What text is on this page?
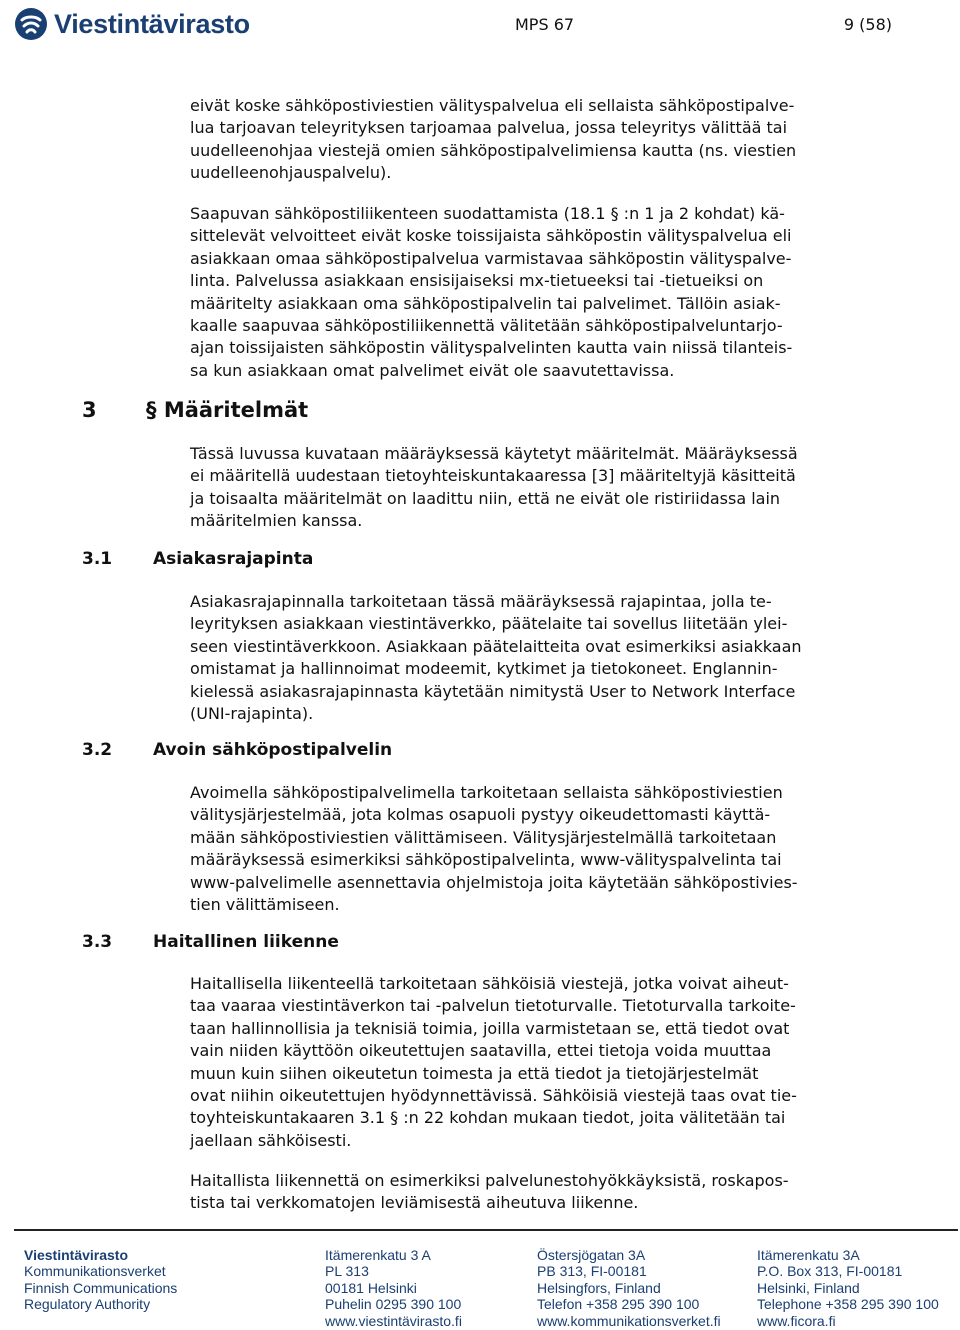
Viestintävirasto	MPS 67	9 (58)

eivät koske sähköpostiviestien välityspalvelua eli sellaista sähköpostipalve-
lua tarjoavan teleyrityksen tarjoamaa palvelua, jossa teleyritys välittää tai
uudelleenohjaa viestejä omien sähköpostipalvelimiensa kautta (ns. viestien
uudelleenohjauspalvelu).

Saapuvan sähköpostiliikenteen suodattamista (18.1 § :n 1 ja 2 kohdat) kä-
sittelevät velvoitteet eivät koske toissijaista sähköpostin välityspalvelua eli
asiakkaan omaa sähköpostipalvelua varmistavaa sähköpostin välityspalve-
linta. Palvelussa asiakkaan ensisijaiseksi mx-tietueeksi tai -tietueiksi on
määritelty asiakkaan oma sähköpostipalvelin tai palvelimet. Tällöin asiak-
kaalle saapuvaa sähköpostiliikennettä välitetään sähköpostipalveluntarjo-
ajan toissijaisten sähköpostin välityspalvelinten kautta vain niissä tilanteis-
sa kun asiakkaan omat palvelimet eivät ole saavutettavissa.

3 § Määritelmät

Tässä luvussa kuvataan määräyksessä käytetyt määritelmät. Määräyksessä
ei määritellä uudestaan tietoyhteiskuntakaaressa [3] määriteltyjä käsitteitä
ja toisaalta määritelmät on laadittu niin, että ne eivät ole ristiriidassa lain
määritelmien kanssa.

3.1 Asiakasrajapinta

Asiakasrajapinnalla tarkoitetaan tässä määräyksessä rajapintaa, jolla te-
leyrityksen asiakkaan viestintäverkko, päätelaite tai sovellus liitetään ylei-
seen viestintäverkkoon. Asiakkaan päätelaitteita ovat esimerkiksi asiakkaan
omistamat ja hallinnoimat modeemit, kytkimet ja tietokoneet. Englannin-
kielessä asiakasrajapinnasta käytetään nimitystä User to Network Interface
(UNI-rajapinta).

3.2 Avoin sähköpostipalvelin

Avoimella sähköpostipalvelimella tarkoitetaan sellaista sähköpostiviestien
välitysjärjestelmää, jota kolmas osapuoli pystyy oikeudettomasti käyttä-
mään sähköpostiviestien välittämiseen. Välitysjärjestelmällä tarkoitetaan
määräyksessä esimerkiksi sähköpostipalvelinta, www-välityspalvelinta tai
www-palvelimelle asennettavia ohjelmistoja joita käytetään sähköpostivies-
tien välittämiseen.

3.3 Haitallinen liikenne

Haitallisella liikenteellä tarkoitetaan sähköisiä viestejä, jotka voivat aiheut-
taa vaaraa viestintäverkon tai -palvelun tietoturvalle. Tietoturvalla tarkoite-
taan hallinnollisia ja teknisiä toimia, joilla varmistetaan se, että tiedot ovat
vain niiden käyttöön oikeutettujen saatavilla, ettei tietoja voida muuttaa
muun kuin siihen oikeutetun toimesta ja että tiedot ja tietojärjestelmät
ovat niihin oikeutettujen hyödynnettävissä. Sähköisiä viestejä taas ovat tie-
toyhteiskuntakaaren 3.1 § :n 22 kohdan mukaan tiedot, joita välitetään tai
jaellaan sähköisesti.

Haitallista liikennettä on esimerkiksi palvelunestohyökkäyksistä, roskapos-
tista tai verkkomatojen leviämisestä aiheutuva liikenne.

Viestintävirasto
Kommunikationsverket
Finnish Communications
Regulatory Authority
Itämerenkatu 3 A
PL 313
00181 Helsinki
Puhelin 0295 390 100
www.viestintävirasto.fi
Östersjögatan 3A
PB 313, FI-00181
Helsingfors, Finland
Telefon +358 295 390 100
www.kommunikationsverket.fi
Itämerenkatu 3A
P.O. Box 313, FI-00181
Helsinki, Finland
Telephone +358 295 390 100
www.ficora.fi
